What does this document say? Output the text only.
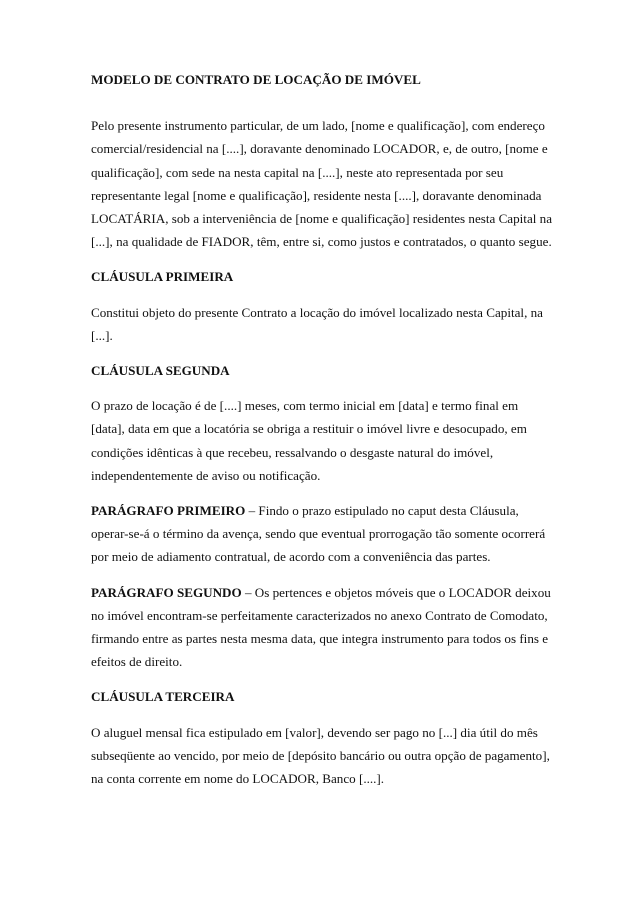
MODELO DE CONTRATO DE LOCAÇÃO DE IMÓVEL
Pelo presente instrumento particular, de um lado, [nome e qualificação], com endereço
comercial/residencial na [....], doravante denominado LOCADOR, e, de outro, [nome e
qualificação], com sede na nesta capital na [....], neste ato representada por seu
representante legal [nome e qualificação], residente nesta [....], doravante denominada
LOCATÁRIA, sob a interveniência de [nome e qualificação] residentes nesta Capital na
[...], na qualidade de FIADOR, têm, entre si, como justos e contratados, o quanto segue.
CLÁUSULA PRIMEIRA
Constitui objeto do presente Contrato a locação do imóvel localizado nesta Capital, na
[...].
CLÁUSULA SEGUNDA
O prazo de locação é de [....] meses, com termo inicial em [data] e termo final em
[data], data em que a locatória se obriga a restituir o imóvel livre e desocupado, em
condições idênticas à que recebeu, ressalvando o desgaste natural do imóvel,
independentemente de aviso ou notificação.
PARÁGRAFO PRIMEIRO – Findo o prazo estipulado no caput desta Cláusula,
operar-se-á o término da avença, sendo que eventual prorrogação tão somente ocorrerá
por meio de adiamento contratual, de acordo com a conveniência das partes.
PARÁGRAFO SEGUNDO – Os pertences e objetos móveis que o LOCADOR deixou
no imóvel encontram-se perfeitamente caracterizados no anexo Contrato de Comodato,
firmando entre as partes nesta mesma data, que integra instrumento para todos os fins e
efeitos de direito.
CLÁUSULA TERCEIRA
O aluguel mensal fica estipulado em [valor], devendo ser pago no [...] dia útil do mês
subseqüente ao vencido, por meio de [depósito bancário ou outra opção de pagamento],
na conta corrente em nome do LOCADOR, Banco [....].
